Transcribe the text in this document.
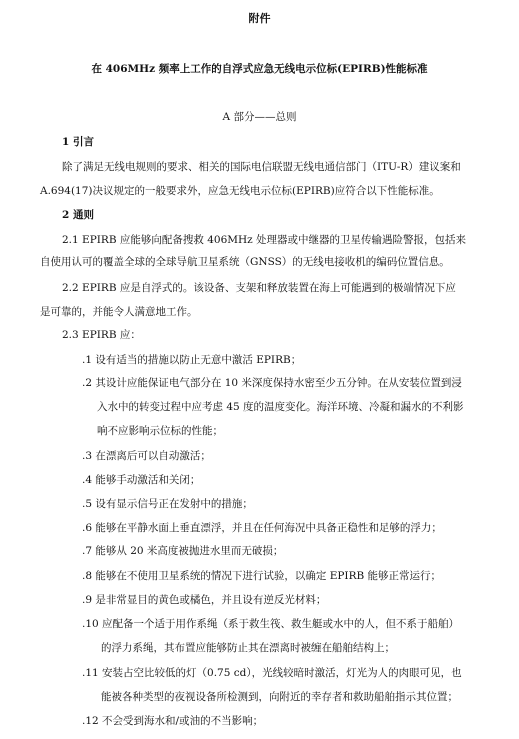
附件
在 406MHz 频率上工作的自浮式应急无线电示位标(EPIRB)性能标准
A 部分——总则
1 引言
除了满足无线电规则的要求、相关的国际电信联盟无线电通信部门（ITU-R）建议案和
A.694(17)决议规定的一般要求外，应急无线电示位标(EPIRB)应符合以下性能标准。
2 通则
2.1 EPIRB 应能够向配备搜救 406MHz 处理器或中继器的卫星传输遇险警报，包括来
自使用认可的覆盖全球的全球导航卫星系统（GNSS）的无线电接收机的编码位置信息。
2.2 EPIRB 应是自浮式的。该设备、支架和释放装置在海上可能遇到的极端情况下应
是可靠的，并能令人满意地工作。
2.3 EPIRB 应：
.1 设有适当的措施以防止无意中激活 EPIRB；
.2 其设计应能保证电气部分在 10 米深度保持水密至少五分钟。在从安装位置到浸
入水中的转变过程中应考虑 45 度的温度变化。海洋环境、冷凝和漏水的不利影
响不应影响示位标的性能；
.3 在漂离后可以自动激活；
.4 能够手动激活和关闭；
.5 设有显示信号正在发射中的措施；
.6 能够在平静水面上垂直漂浮，并且在任何海况中具备正稳性和足够的浮力；
.7 能够从 20 米高度被抛进水里而无破损；
.8 能够在不使用卫星系统的情况下进行试验，以确定 EPIRB 能够正常运行；
.9 是非常显目的黄色或橘色，并且设有逆反光材料；
.10 应配备一个适于用作系绳（系于救生筏、救生艇或水中的人，但不系于船舶）
的浮力系绳，其布置应能够防止其在漂离时被缠在船舶结构上；
.11 安装占空比较低的灯（0.75 cd），光线较暗时激活，灯光为人的肉眼可见，也
能被各种类型的夜视设备所检测到，向附近的幸存者和救助船舶指示其位置；
.12 不会受到海水和/或油的不当影响；
